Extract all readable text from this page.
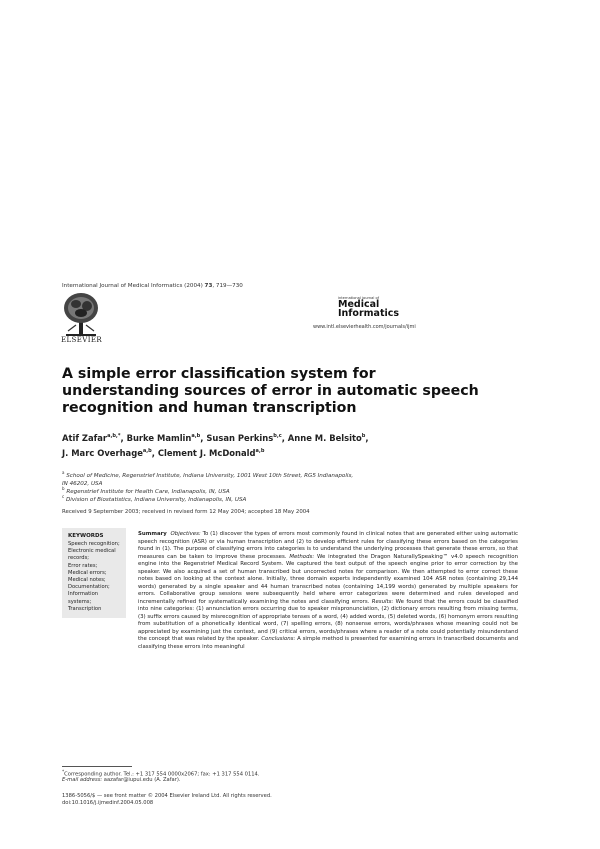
International Journal of Medical Informatics (2004) 73, 719—730
ELSEVIER
international journal of
Medical
Informatics
www.intl.elsevierhealth.com/journals/ijmi
A simple error classification system for understanding sources of error in automatic speech recognition and human transcription
Atif Zafar$^{a,b,*}$, Burke Mamlin$^{a,b}$, Susan Perkins$^{b,c}$, Anne M. Belsito$^b$,
J. Marc Overhage$^{a,b}$, Clement J. McDonald$^{a,b}$
$^a$ School of Medicine, Regenstrief Institute, Indiana University, 1001 West 10th Street, RG5 Indianapolis,
IN 46202, USA
$^b$ Regenstrief Institute for Health Care, Indianapolis, IN, USA
$^c$ Division of Biostatistics, Indiana University, Indianapolis, IN, USA
Received 9 September 2003; received in revised form 12 May 2004; accepted 18 May 2004
KEYWORDS
Speech recognition;
Electronic medical
records;
Error rates;
Medical errors;
Medical notes;
Documentation;
Information systems;
Transcription

Summary Objectives: To (1) discover the types of errors most commonly found in clinical notes that are generated either using automatic speech recognition (ASR) or via human transcription and (2) to develop efficient rules for classifying these errors based on the categories found in (1). The purpose of classifying errors into categories is to understand the underlying processes that generate these errors, so that measures can be taken to improve these processes. Methods: We integrated the Dragon NaturallySpeaking™ v4.0 speech recognition engine into the Regenstrief Medical Record System. We captured the text output of the speech engine prior to error correction by the speaker. We also acquired a set of human transcribed but uncorrected notes for comparison. We then attempted to error correct these notes based on looking at the context alone. Initially, three domain experts independently examined 104 ASR notes (containing 29,144 words) generated by a single speaker and 44 human transcribed notes (containing 14,199 words) generated by multiple speakers for errors. Collaborative group sessions were subsequently held where error categorizes were determined and rules developed and incrementally refined for systematically examining the notes and classifying errors. Results: We found that the errors could be classified into nine categories: (1) annunciation errors occurring due to speaker mispronunciation, (2) dictionary errors resulting from missing terms, (3) suffix errors caused by misrecognition of appropriate tenses of a word, (4) added words, (5) deleted words, (6) homonym errors resulting from substitution of a phonetically identical word, (7) spelling errors, (8) nonsense errors, words/phrases whose meaning could not be appreciated by examining just the context, and (9) critical errors, words/phrases where a reader of a note could potentially misunderstand the concept that was related by the speaker. Conclusions: A simple method is presented for examining errors in transcribed documents and classifying these errors into meaningful

*Corresponding author. Tel.: +1 317 554 0000x2067; fax: +1 317 554 0114.
E-mail address: aazafar@iupui.edu (A. Zafar).
1386-5056/$ — see front matter © 2004 Elsevier Ireland Ltd. All rights reserved.
doi:10.1016/j.ijmedinf.2004.05.008
